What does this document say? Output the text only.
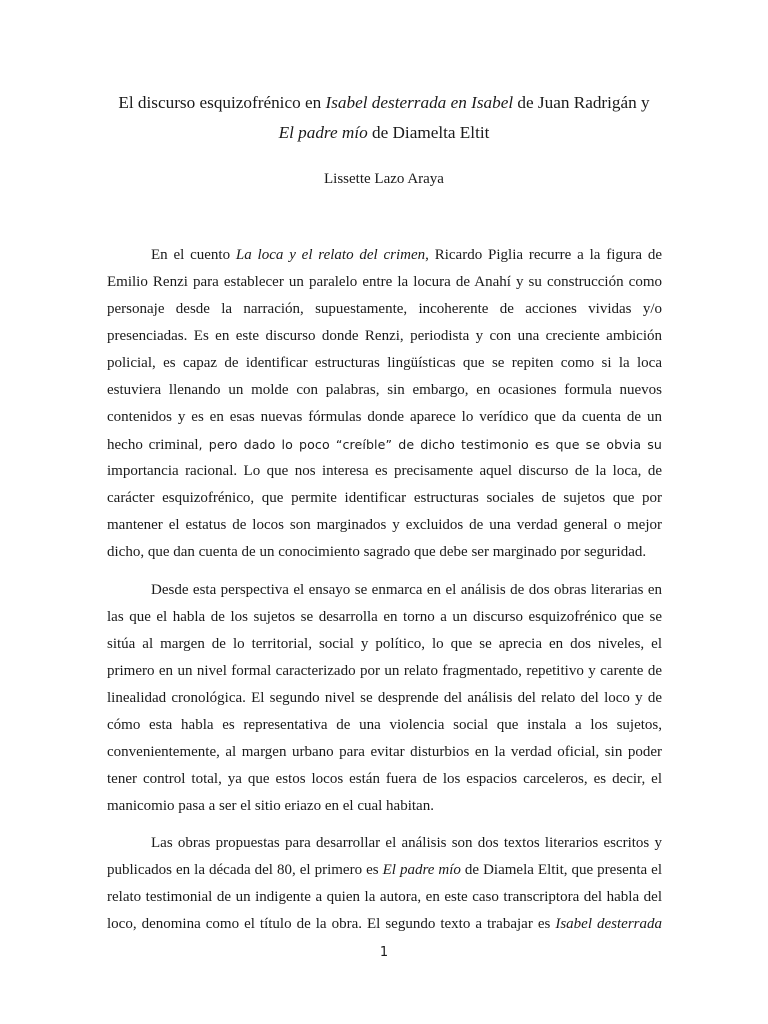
El discurso esquizofrénico en Isabel desterrada en Isabel de Juan Radrigán y
El padre mío de Diamelta Eltit
Lissette Lazo Araya
En el cuento La loca y el relato del crimen, Ricardo Piglia recurre a la figura de
Emilio Renzi para establecer un paralelo entre la locura de Anahí y su construcción como
personaje desde la narración, supuestamente, incoherente de acciones vividas y/o
presenciadas. Es en este discurso donde Renzi, periodista y con una creciente ambición
policial, es capaz de identificar estructuras lingüísticas que se repiten como si la loca
estuviera llenando un molde con palabras, sin embargo, en ocasiones formula nuevos
contenidos y es en esas nuevas fórmulas donde aparece lo verídico que da cuenta de un
hecho criminal, pero dado lo poco “creíble” de dicho testimonio es que se obvia su
importancia racional. Lo que nos interesa es precisamente aquel discurso de la loca, de
carácter esquizofrénico, que permite identificar estructuras sociales de sujetos que por
mantener el estatus de locos son marginados y excluidos de una verdad general o mejor
dicho, que dan cuenta de un conocimiento sagrado que debe ser marginado por seguridad.
Desde esta perspectiva el ensayo se enmarca en el análisis de dos obras literarias en
las que el habla de los sujetos se desarrolla en torno a un discurso esquizofrénico que se
sitúa al margen de lo territorial, social y político, lo que se aprecia en dos niveles, el
primero en un nivel formal caracterizado por un relato fragmentado, repetitivo y carente de
linealidad cronológica. El segundo nivel se desprende del análisis del relato del loco y de
cómo esta habla es representativa de una violencia social que instala a los sujetos,
convenientemente, al margen urbano para evitar disturbios en la verdad oficial, sin poder
tener control total, ya que estos locos están fuera de los espacios carceleros, es decir, el
manicomio pasa a ser el sitio eriazo en el cual habitan.
Las obras propuestas para desarrollar el análisis son dos textos literarios escritos y
publicados en la década del 80, el primero es El padre mío de Diamela Eltit, que presenta el
relato testimonial de un indigente a quien la autora, en este caso transcriptora del habla del
loco, denomina como el título de la obra. El segundo texto a trabajar es Isabel desterrada
1
